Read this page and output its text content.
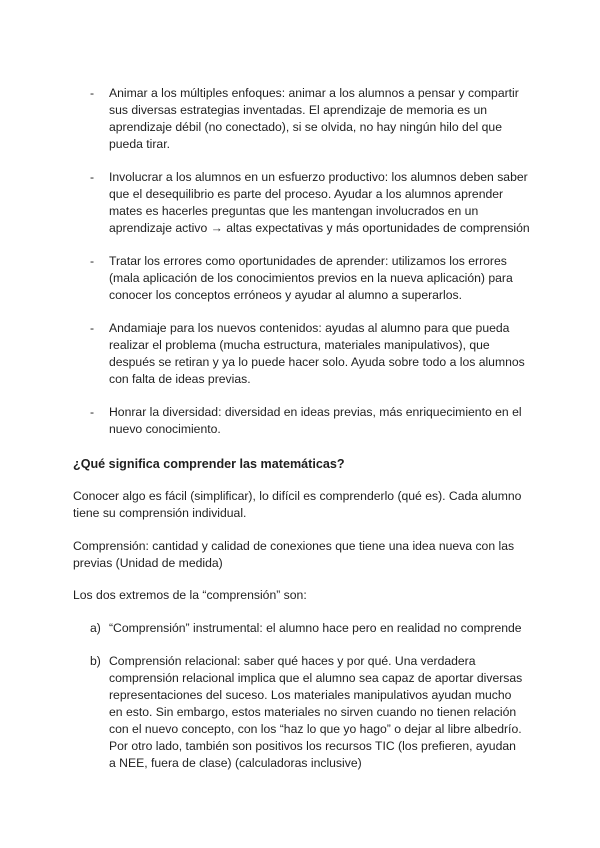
- Animar a los múltiples enfoques: animar a los alumnos a pensar y compartir sus diversas estrategias inventadas. El aprendizaje de memoria es un aprendizaje débil (no conectado), si se olvida, no hay ningún hilo del que pueda tirar.
- Involucrar a los alumnos en un esfuerzo productivo: los alumnos deben saber que el desequilibrio es parte del proceso. Ayudar a los alumnos aprender mates es hacerles preguntas que les mantengan involucrados en un aprendizaje activo → altas expectativas y más oportunidades de comprensión
- Tratar los errores como oportunidades de aprender: utilizamos los errores (mala aplicación de los conocimientos previos en la nueva aplicación) para conocer los conceptos erróneos y ayudar al alumno a superarlos.
- Andamiaje para los nuevos contenidos: ayudas al alumno para que pueda realizar el problema (mucha estructura, materiales manipulativos), que después se retiran y ya lo puede hacer solo. Ayuda sobre todo a los alumnos con falta de ideas previas.
- Honrar la diversidad: diversidad en ideas previas, más enriquecimiento en el nuevo conocimiento.

¿Qué significa comprender las matemáticas?

Conocer algo es fácil (simplificar), lo difícil es comprenderlo (qué es). Cada alumno tiene su comprensión individual.

Comprensión: cantidad y calidad de conexiones que tiene una idea nueva con las previas (Unidad de medida)

Los dos extremos de la “comprensión” son:

a) “Comprensión” instrumental: el alumno hace pero en realidad no comprende
b) Comprensión relacional: saber qué haces y por qué. Una verdadera comprensión relacional implica que el alumno sea capaz de aportar diversas representaciones del suceso. Los materiales manipulativos ayudan mucho en esto. Sin embargo, estos materiales no sirven cuando no tienen relación con el nuevo concepto, con los “haz lo que yo hago” o dejar al libre albedrío. Por otro lado, también son positivos los recursos TIC (los prefieren, ayudan a NEE, fuera de clase) (calculadoras inclusive)
